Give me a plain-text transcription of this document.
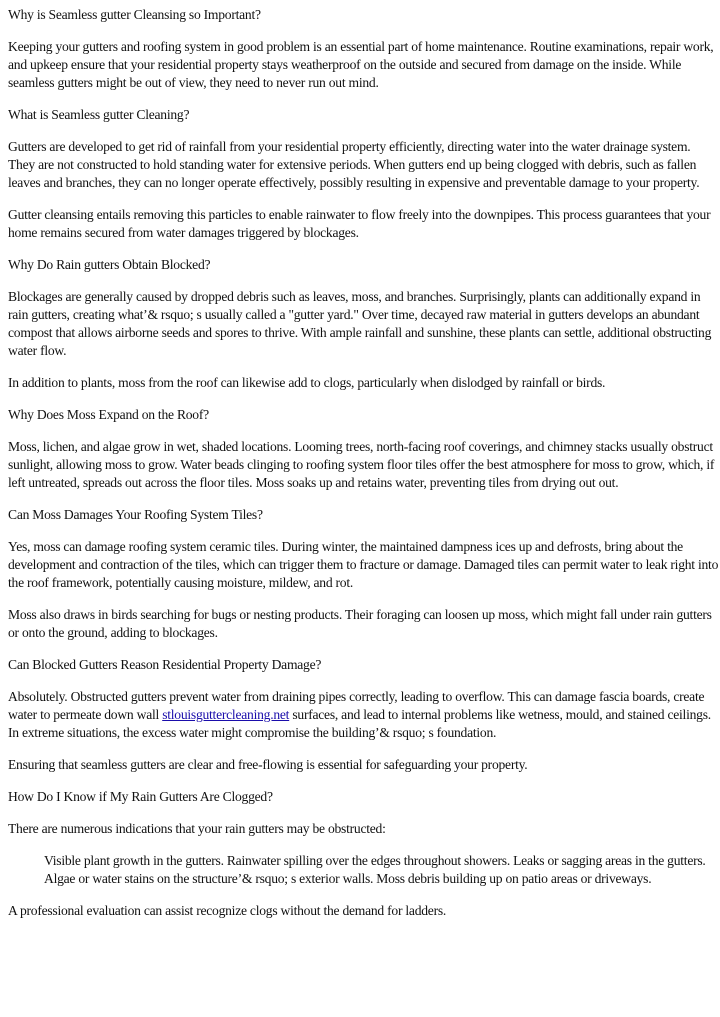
Why is Seamless gutter Cleansing so Important?

Keeping your gutters and roofing system in good problem is an essential part of home maintenance. Routine examinations, repair work, and upkeep ensure that your residential property stays weatherproof on the outside and secured from damage on the inside. While seamless gutters might be out of view, they need to never run out mind.

What is Seamless gutter Cleaning?

Gutters are developed to get rid of rainfall from your residential property efficiently, directing water into the water drainage system. They are not constructed to hold standing water for extensive periods. When gutters end up being clogged with debris, such as fallen leaves and branches, they can no longer operate effectively, possibly resulting in expensive and preventable damage to your property.

Gutter cleansing entails removing this particles to enable rainwater to flow freely into the downpipes. This process guarantees that your home remains secured from water damages triggered by blockages.

Why Do Rain gutters Obtain Blocked?

Blockages are generally caused by dropped debris such as leaves, moss, and branches. Surprisingly, plants can additionally expand in rain gutters, creating what’& rsquo; s usually called a "gutter yard." Over time, decayed raw material in gutters develops an abundant compost that allows airborne seeds and spores to thrive. With ample rainfall and sunshine, these plants can settle, additional obstructing water flow.

In addition to plants, moss from the roof can likewise add to clogs, particularly when dislodged by rainfall or birds.

Why Does Moss Expand on the Roof?

Moss, lichen, and algae grow in wet, shaded locations. Looming trees, north-facing roof coverings, and chimney stacks usually obstruct sunlight, allowing moss to grow. Water beads clinging to roofing system floor tiles offer the best atmosphere for moss to grow, which, if left untreated, spreads out across the floor tiles. Moss soaks up and retains water, preventing tiles from drying out out.

Can Moss Damages Your Roofing System Tiles?

Yes, moss can damage roofing system ceramic tiles. During winter, the maintained dampness ices up and defrosts, bring about the development and contraction of the tiles, which can trigger them to fracture or damage. Damaged tiles can permit water to leak right into the roof framework, potentially causing moisture, mildew, and rot.

Moss also draws in birds searching for bugs or nesting products. Their foraging can loosen up moss, which might fall under rain gutters or onto the ground, adding to blockages.

Can Blocked Gutters Reason Residential Property Damage?

Absolutely. Obstructed gutters prevent water from draining pipes correctly, leading to overflow. This can damage fascia boards, create water to permeate down wall stlouisguttercleaning.net surfaces, and lead to internal problems like wetness, mould, and stained ceilings. In extreme situations, the excess water might compromise the building’& rsquo; s foundation.

Ensuring that seamless gutters are clear and free-flowing is essential for safeguarding your property.

How Do I Know if My Rain Gutters Are Clogged?

There are numerous indications that your rain gutters may be obstructed:

Visible plant growth in the gutters. Rainwater spilling over the edges throughout showers. Leaks or sagging areas in the gutters. Algae or water stains on the structure’& rsquo; s exterior walls. Moss debris building up on patio areas or driveways.

A professional evaluation can assist recognize clogs without the demand for ladders.
